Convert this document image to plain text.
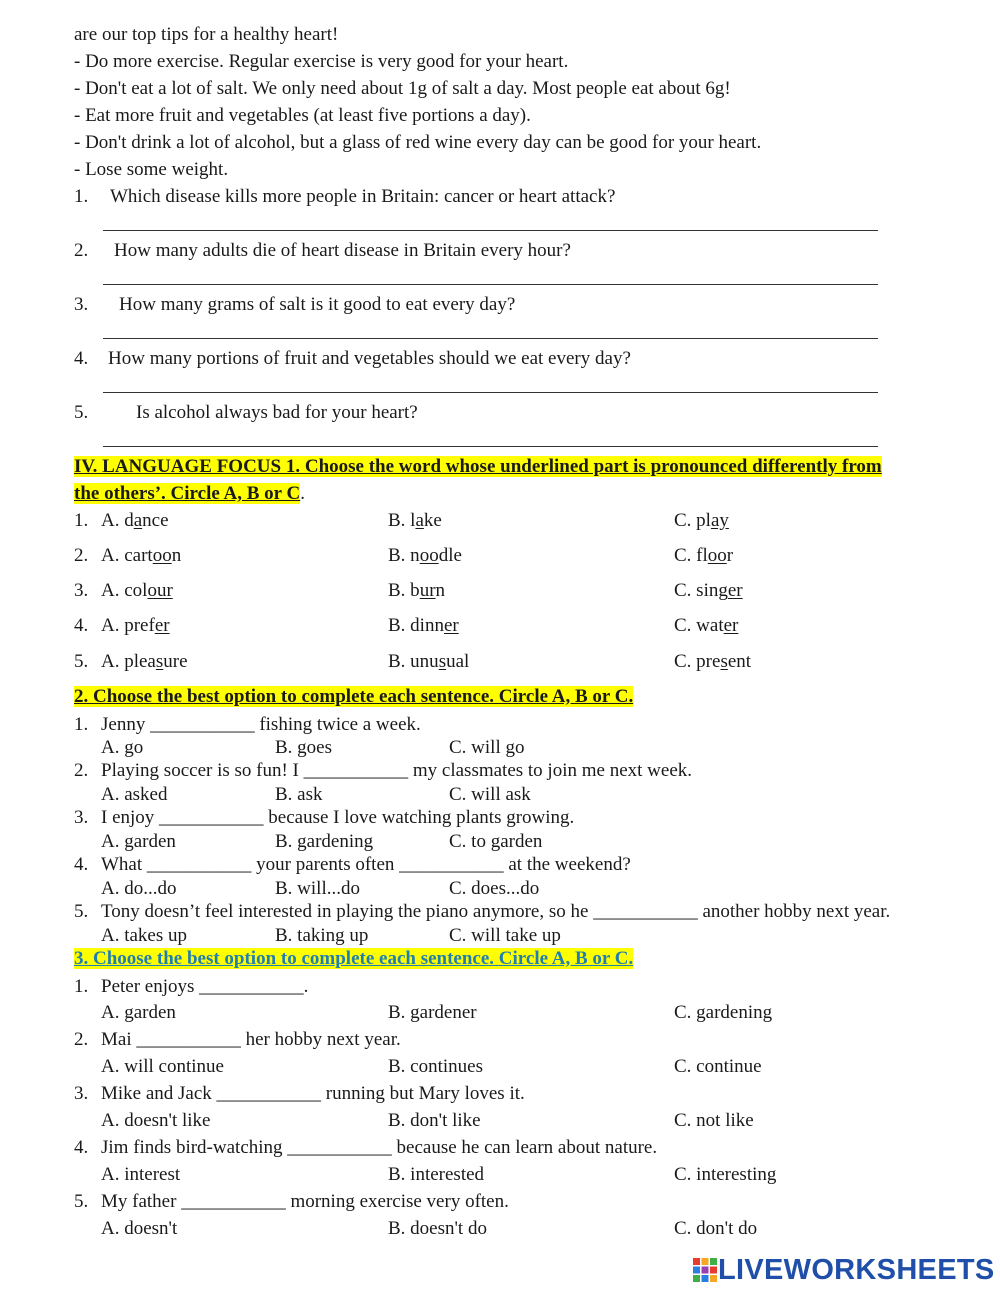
are our top tips for a healthy heart!
- Do more exercise. Regular exercise is very good for your heart.
- Don't eat a lot of salt. We only need about 1g of salt a day. Most people eat about 6g!
- Eat more fruit and vegetables (at least five portions a day).
- Don't drink a lot of alcohol, but a glass of red wine every day can be good for your heart.
- Lose some weight.
1. Which disease kills more people in Britain: cancer or heart attack?
2. How many adults die of heart disease in Britain every hour?
3. How many grams of salt is it good to eat every day?
4. How many portions of fruit and vegetables should we eat every day?
5.	Is alcohol always bad for your heart?
IV. LANGUAGE FOCUS 1. Choose the word whose underlined part is pronounced differently from
the others’. Circle A, B or C.
1. A. dance	B. lake	C. play
2. A. cartoon	B. noodle	C. floor
3. A. colour	B. burn	C. singer
4. A. prefer	B. dinner	C. water
5. A. pleasure	B. unusual	C. present
2. Choose the best option to complete each sentence. Circle A, B or C.
1. Jenny ___________ fishing twice a week.
A. go	B. goes	C. will go
2. Playing soccer is so fun! I ___________ my classmates to join me next week.
A. asked	B. ask	C. will ask
3. I enjoy ___________ because I love watching plants growing.
A. garden	B. gardening	C. to garden
4. What ___________ your parents often ___________ at the weekend?
A. do...do	B. will...do	C. does...do
5. Tony doesn’t feel interested in playing the piano anymore, so he ___________ another hobby next year.
A. takes up	B. taking up	C. will take up
3. Choose the best option to complete each sentence. Circle A, B or C.
1. Peter enjoys ___________.
A. garden	B. gardener	C. gardening
2. Mai ___________ her hobby next year.
A. will continue	B. continues	C. continue
3. Mike and Jack ___________ running but Mary loves it.
A. doesn't like	B. don't like	C. not like
4. Jim finds bird-watching ___________ because he can learn about nature.
A. interest	B. interested	C. interesting
5. My father ___________ morning exercise very often.
A. doesn't	B. doesn't do	C. don't do
LIVEWORKSHEETS
